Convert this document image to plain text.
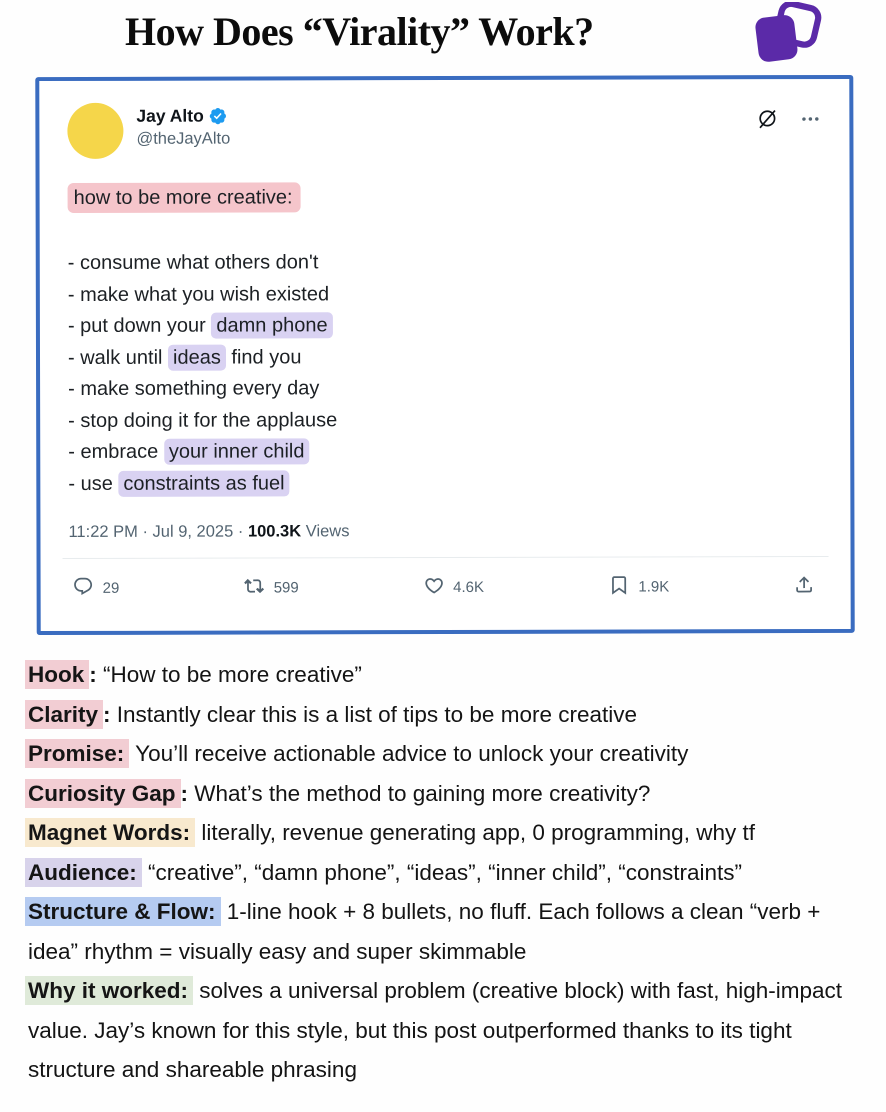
How Does “Virality” Work?
Jay Alto
@theJayAlto

how to be more creative:

- consume what others don't

- make what you wish existed

- put down your damn phone

- walk until ideas find you

- make something every day

- stop doing it for the applause

- embrace your inner child

- use constraints as fuel

11:22 PM · Jul 9, 2025 · 100.3K Views
29	599	4.6K	1.9K

Hook : “How to be more creative”

Clarity : Instantly clear this is a list of tips to be more creative

Promise: You’ll receive actionable advice to unlock your creativity

Curiosity Gap : What’s the method to gaining more creativity?

Magnet Words: literally, revenue generating app, 0 programming, why tf

Audience: “creative”, “damn phone”, “ideas”, “inner child”, “constraints”

Structure & Flow: 1-line hook + 8 bullets, no fluff. Each follows a clean “verb + idea” rhythm = visually easy and super skimmable

Why it worked: solves a universal problem (creative block) with fast, high-impact value. Jay’s known for this style, but this post outperformed thanks to its tight structure and shareable phrasing
